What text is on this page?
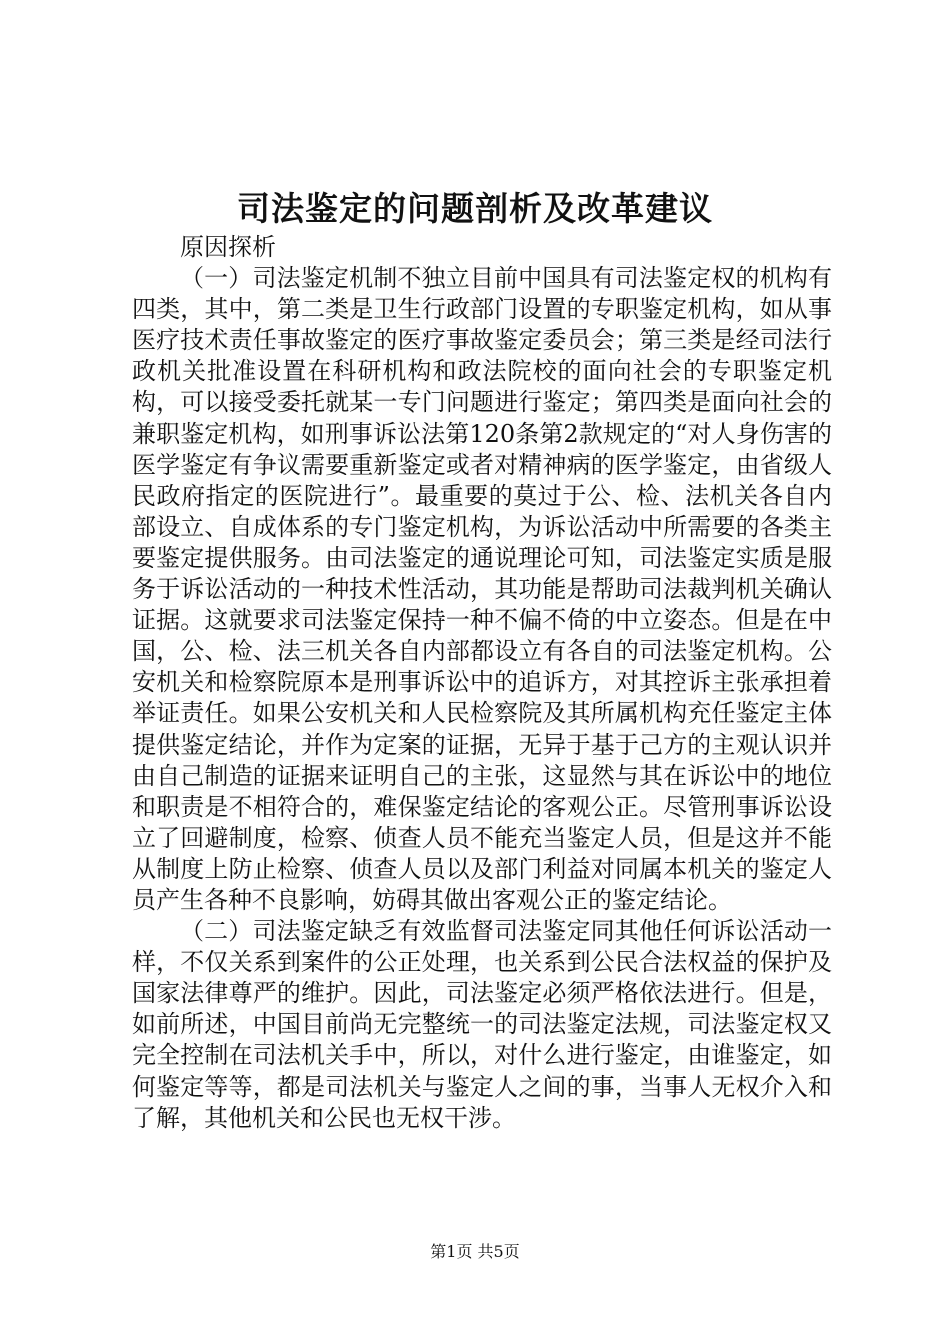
司法鉴定的问题剖析及改革建议

原因探析

（一）司法鉴定机制不独立目前中国具有司法鉴定权的机构有四类，其中，第二类是卫生行政部门设置的专职鉴定机构，如从事医疗技术责任事故鉴定的医疗事故鉴定委员会；第三类是经司法行政机关批准设置在科研机构和政法院校的面向社会的专职鉴定机构，可以接受委托就某一专门问题进行鉴定；第四类是面向社会的兼职鉴定机构，如刑事诉讼法第120条第2款规定的“对人身伤害的医学鉴定有争议需要重新鉴定或者对精神病的医学鉴定，由省级人民政府指定的医院进行”。最重要的莫过于公、检、法机关各自内部设立、自成体系的专门鉴定机构，为诉讼活动中所需要的各类主要鉴定提供服务。由司法鉴定的通说理论可知，司法鉴定实质是服务于诉讼活动的一种技术性活动，其功能是帮助司法裁判机关确认证据。这就要求司法鉴定保持一种不偏不倚的中立姿态。但是在中国，公、检、法三机关各自内部都设立有各自的司法鉴定机构。公安机关和检察院原本是刑事诉讼中的追诉方，对其控诉主张承担着举证责任。如果公安机关和人民检察院及其所属机构充任鉴定主体提供鉴定结论，并作为定案的证据，无异于基于己方的主观认识并由自己制造的证据来证明自己的主张，这显然与其在诉讼中的地位和职责是不相符合的，难保鉴定结论的客观公正。尽管刑事诉讼设立了回避制度，检察、侦查人员不能充当鉴定人员，但是这并不能从制度上防止检察、侦查人员以及部门利益对同属本机关的鉴定人员产生各种不良影响，妨碍其做出客观公正的鉴定结论。

（二）司法鉴定缺乏有效监督司法鉴定同其他任何诉讼活动一样，不仅关系到案件的公正处理，也关系到公民合法权益的保护及国家法律尊严的维护。因此，司法鉴定必须严格依法进行。但是，如前所述，中国目前尚无完整统一的司法鉴定法规，司法鉴定权又完全控制在司法机关手中，所以，对什么进行鉴定，由谁鉴定，如何鉴定等等，都是司法机关与鉴定人之间的事，当事人无权介入和了解，其他机关和公民也无权干涉。

第1页 共5页
